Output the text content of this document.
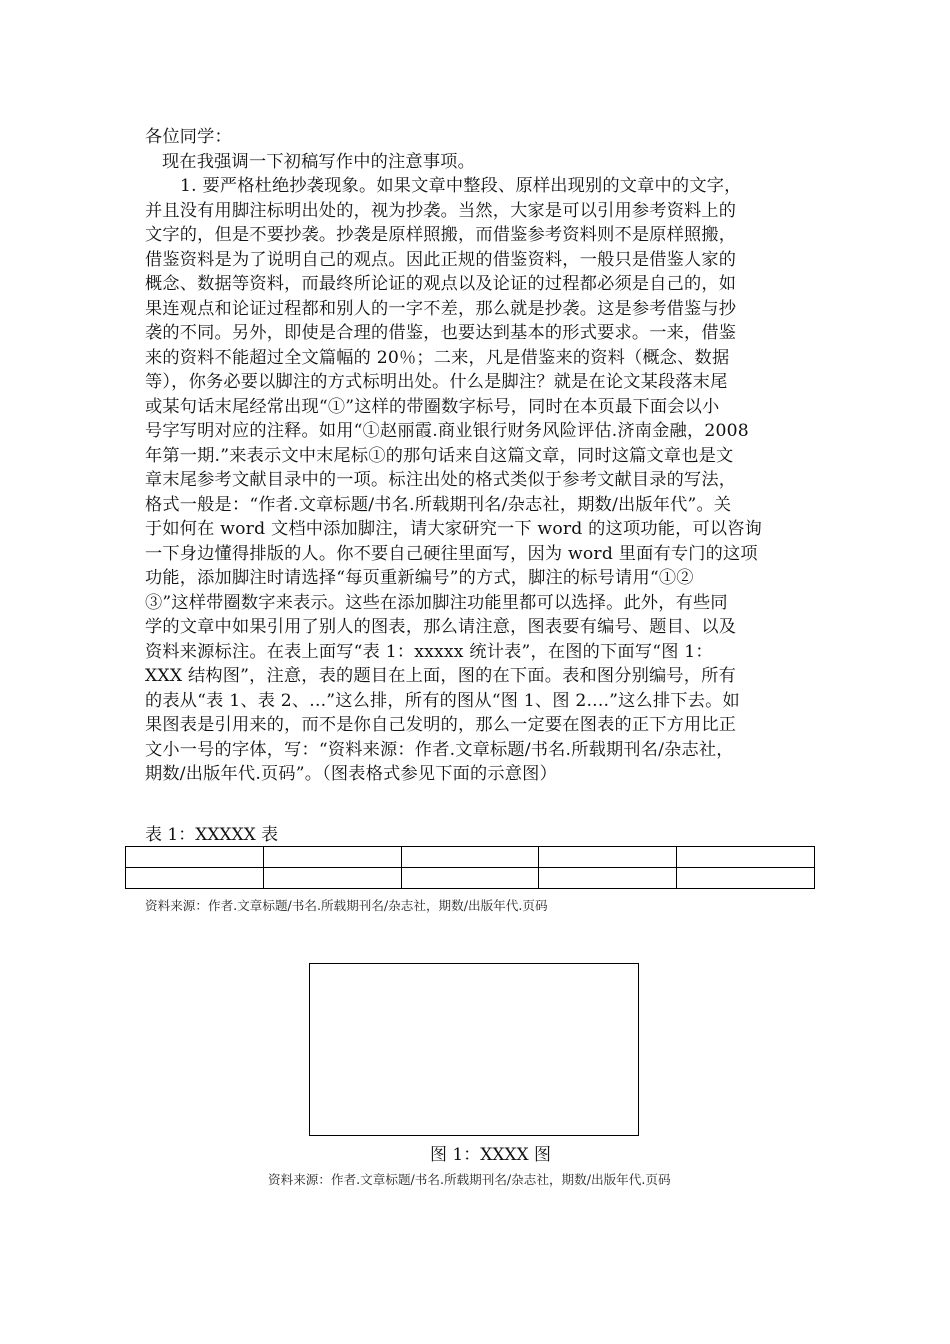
各位同学：
现在我强调一下初稿写作中的注意事项。
1. 要严格杜绝抄袭现象。如果文章中整段、原样出现别的文章中的文字，
并且没有用脚注标明出处的，视为抄袭。当然，大家是可以引用参考资料上的
文字的，但是不要抄袭。抄袭是原样照搬，而借鉴参考资料则不是原样照搬，
借鉴资料是为了说明自己的观点。因此正规的借鉴资料，一般只是借鉴人家的
概念、数据等资料，而最终所论证的观点以及论证的过程都必须是自己的，如
果连观点和论证过程都和别人的一字不差，那么就是抄袭。这是参考借鉴与抄
袭的不同。另外，即使是合理的借鉴，也要达到基本的形式要求。一来，借鉴
来的资料不能超过全文篇幅的 20％；二来，凡是借鉴来的资料（概念、数据
等），你务必要以脚注的方式标明出处。什么是脚注？就是在论文某段落末尾
或某句话末尾经常出现“①”这样的带圈数字标号，同时在本页最下面会以小
号字写明对应的注释。如用“①赵丽霞.商业银行财务风险评估.济南金融，2008
年第一期.”来表示文中末尾标①的那句话来自这篇文章，同时这篇文章也是文
章末尾参考文献目录中的一项。标注出处的格式类似于参考文献目录的写法，
格式一般是：“作者.文章标题/书名.所载期刊名/杂志社，期数/出版年代”。关
于如何在 word 文档中添加脚注，请大家研究一下 word 的这项功能，可以咨询
一下身边懂得排版的人。你不要自己硬往里面写，因为 word 里面有专门的这项
功能，添加脚注时请选择“每页重新编号”的方式，脚注的标号请用“①②
③”这样带圈数字来表示。这些在添加脚注功能里都可以选择。此外，有些同
学的文章中如果引用了别人的图表，那么请注意，图表要有编号、题目、以及
资料来源标注。在表上面写“表 1：xxxxx 统计表”，在图的下面写“图 1：
XXX 结构图”，注意，表的题目在上面，图的在下面。表和图分别编号，所有
的表从“表 1、表 2、...”这么排，所有的图从“图 1、图 2....”这么排下去。如
果图表是引用来的，而不是你自己发明的，那么一定要在图表的正下方用比正
文小一号的字体，写：“资料来源：作者.文章标题/书名.所载期刊名/杂志社，
期数/出版年代.页码”。（图表格式参见下面的示意图）
表 1：XXXXX 表

资料来源：作者.文章标题/书名.所载期刊名/杂志社，期数/出版年代.页码
图 1：XXXX 图
资料来源：作者.文章标题/书名.所载期刊名/杂志社，期数/出版年代.页码
